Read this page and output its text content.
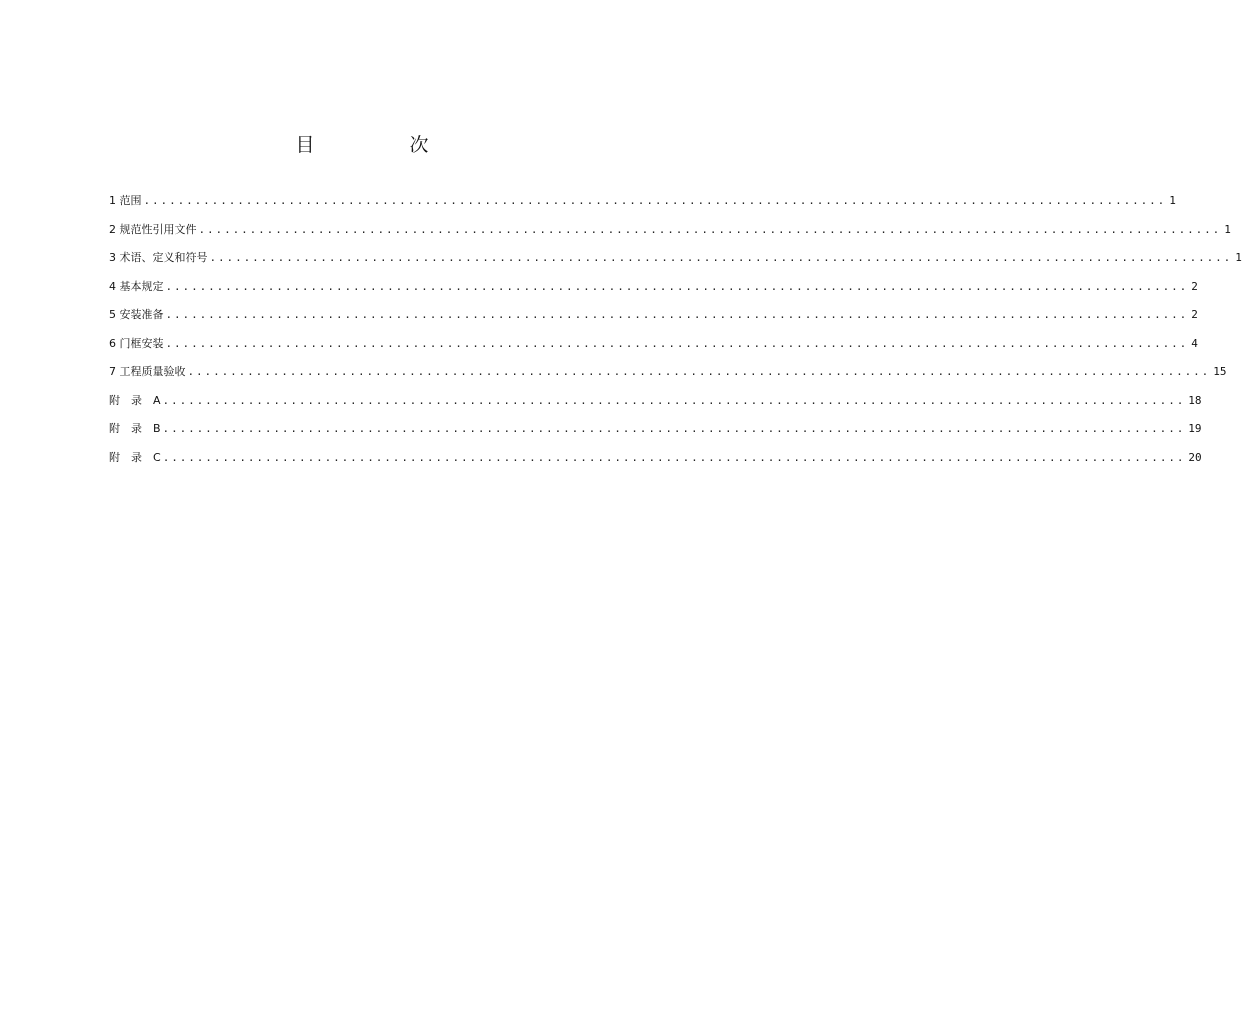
目　次
1 范围 ........................................................................................................................ 1
2 规范性引用文件 ........................................................................................................................ 1
3 术语、定义和符号 ........................................................................................................................ 1
4 基本规定 ........................................................................................................................ 2
5 安装准备 ........................................................................................................................ 2
6 门框安装 ........................................................................................................................ 4
7 工程质量验收 ........................................................................................................................ 15
附　录　A ........................................................................................................................ 18
附　录　B ........................................................................................................................ 19
附　录　C ........................................................................................................................ 20
